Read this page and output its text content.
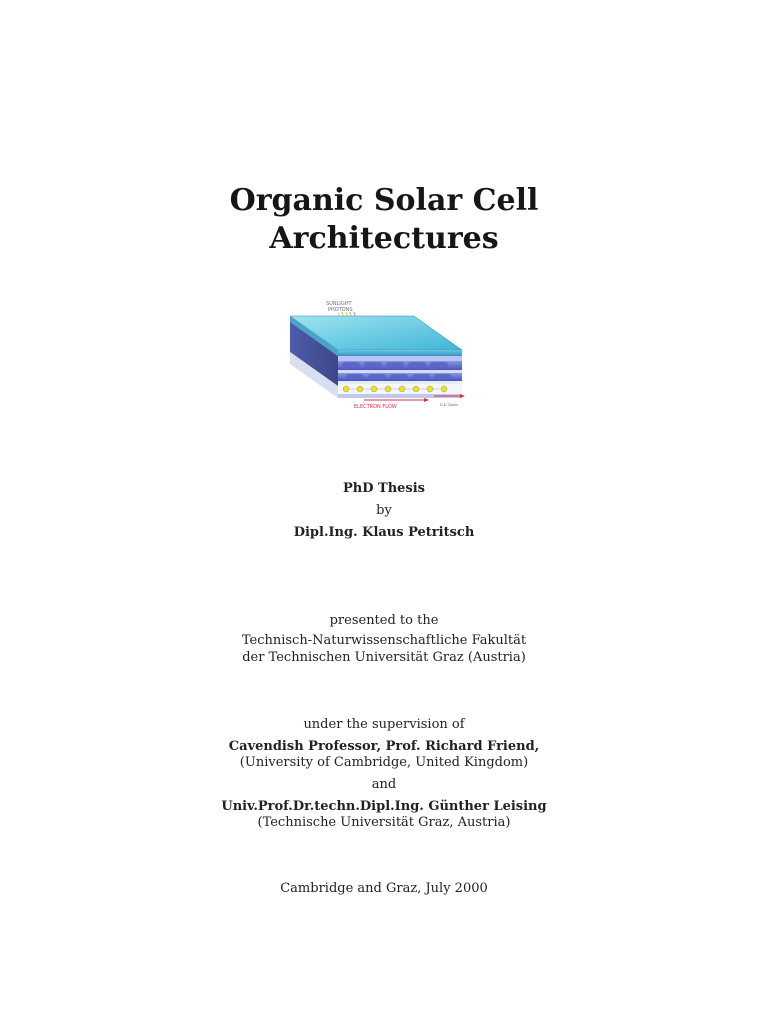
Organic Solar Cell
Architectures
SUNLIGHT
PHOTONS
ELECTRON FLOW	D.E. Davis
PhD Thesis
by
Dipl.Ing. Klaus Petritsch
presented to the
Technisch-Naturwissenschaftliche Fakultät
der Technischen Universität Graz (Austria)
under the supervision of
Cavendish Professor, Prof. Richard Friend,
(University of Cambridge, United Kingdom)
and
Univ.Prof.Dr.techn.Dipl.Ing. Günther Leising
(Technische Universität Graz, Austria)
Cambridge and Graz, July 2000
